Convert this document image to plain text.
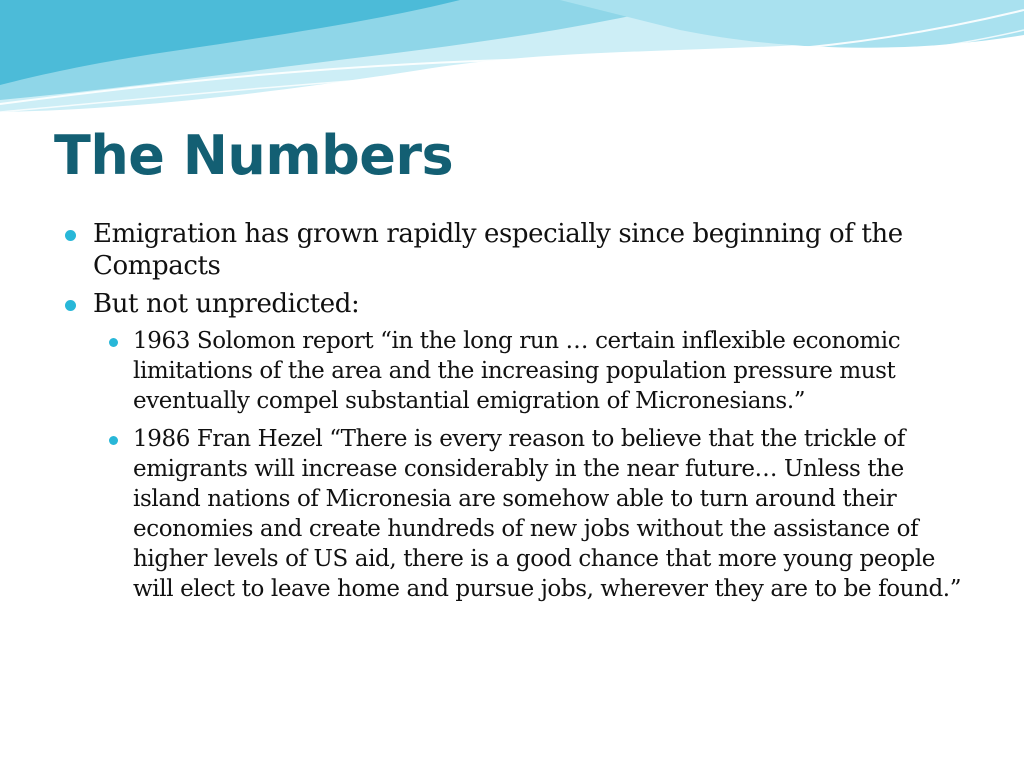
The Numbers
Emigration has grown rapidly especially since beginning of the Compacts
But not unpredicted:
1963 Solomon report “in the long run … certain inflexible economic limitations of the area and the increasing population pressure must eventually compel substantial emigration of Micronesians.”
1986 Fran Hezel “There is every reason to believe that the trickle of emigrants will increase considerably in the near future… Unless the island nations of Micronesia are somehow able to turn around their economies and create hundreds of new jobs without the assistance of higher levels of US aid, there is a good chance that more young people will elect to leave home and pursue jobs, wherever they are to be found.”
